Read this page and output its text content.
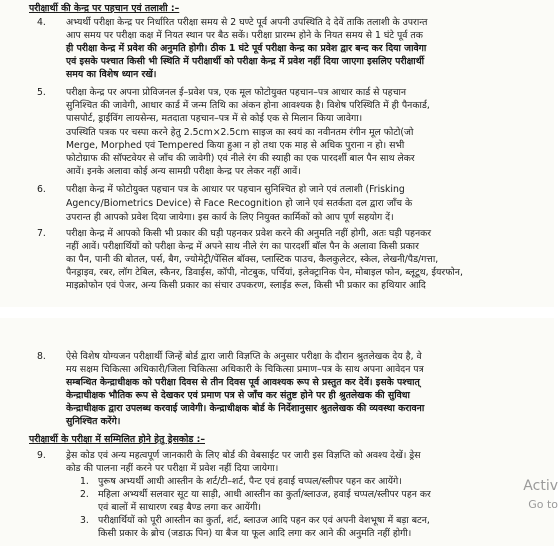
परीक्षार्थी की केन्द्र पर पहचान एवं तलाशी :–
4.	अभ्यर्थी परीक्षा केन्द्र पर निर्धारित परीक्षा समय से 2 घण्टे पूर्व अपनी उपस्थिति दे देवें ताकि तलाशी के उपरान्त
आप समय पर परीक्षा कक्ष में नियत स्थान पर बैठ सकें। परीक्षा प्रारम्भ होने के नियत समय से 1 घंटे पूर्व तक
ही परीक्षा केन्द्र में प्रवेश की अनुमति होगी। ठीक 1 घंटे पूर्व परीक्षा केन्द्र का प्रवेश द्वार बन्द कर दिया जावेगा
एवं इसके पश्चात किसी भी स्थिति में परीक्षार्थी को परीक्षा केन्द्र में प्रवेश नहीं दिया जाएगा इसलिए परीक्षार्थी
समय का विशेष ध्यान रखें।
5.	परीक्षा केन्द्र पर अपना प्रोविजनल ई–प्रवेश पत्र, एक मूल फोटोयुक्त पहचान–पत्र आधार कार्ड से पहचान
सुनिश्चित की जावेगी, आधार कार्ड में जन्म तिथि का अंकन होना आवश्यक है। विशेष परिस्थिति में ही पैनकार्ड,
पासपोर्ट, ड्राईविंग लायसेन्स, मतदाता पहचान–पत्र में से कोई एक से मिलान किया जावेगा।
उपस्थिति पत्रक पर चस्पा करने हेतु 2.5cm×2.5cm साइज का स्वयं का नवीनतम रंगीन मूल फोटो(जो
Merge, Morphed एवं Tempered किया हुआ न हो तथा एक माह से अधिक पुराना न हो। सभी
फोटोग्राफ की सॉफ्टवेयर से जाँच की जावेगी) एवं नीले रंग की स्याही का एक पारदर्शी बाल पैन साथ लेकर
आवें। इनके अलावा कोई अन्य सामग्री परीक्षा केन्द्र पर लेकर नहीं आवें।
6.	परीक्षा केन्द्र में फोटोयुक्त पहचान पत्र के आधार पर पहचान सुनिश्चित हो जाने एवं तलाशी (Frisking
Agency/Biometrics Device) से Face Recognition हो जाने एवं सतर्कता दल द्वारा जाँच के
उपरान्त ही आपको प्रवेश दिया जायेगा। इस कार्य के लिए नियुक्त कार्मिकों को आप पूर्ण सहयोग दें।
7.	परीक्षा केन्द्र में आपको किसी भी प्रकार की घड़ी पहनकर प्रवेश करने की अनुमति नहीं होगी, अतः घड़ी पहनकर
नहीं आवें। परीक्षार्थियों को परीक्षा केन्द्र में अपने साथ नीले रंग का पारदर्शी बॉल पैन के अलावा किसी प्रकार
का पैन, पानी की बोतल, पर्स, बैग, ज्योमेट्री/पेंसिल बॉक्स, प्लास्टिक पाउच, कैलकुलेटर, स्केल, लेखनी/पैड/गत्ता,
पैनड्राइव, रबर, लॉग टेबिल, स्कैनर, डिवाईस, कॉपी, नोटबुक, पर्चियां, इलेक्ट्रानिक पेन, मोबाइल फोन, ब्लूटूथ, ईयरफोन,
माइक्रोफोन एवं पेजर, अन्य किसी प्रकार का संचार उपकरण, स्लाईड रूल, किसी भी प्रकार का हथियार आदि
8.	ऐसे विशेष योग्यजन परीक्षार्थी जिन्हें बोर्ड द्वारा जारी विज्ञप्ति के अनुसार परीक्षा के दौरान श्रुतलेखक देय है, वे
मय सक्षम चिकित्सा अधिकारी/जिला चिकित्सा अधिकारी के चिकित्सा प्रमाण–पत्र के साथ अपना आवेदन पत्र
सम्बन्धित केन्द्राधीक्षक को परीक्षा दिवस से तीन दिवस पूर्व आवश्यक रूप से प्रस्तुत कर देवें। इसके पश्चात्
केन्द्राधीक्षक भौतिक रूप से देखकर एवं प्रमाण पत्र से जाँच कर संतुष्ट होने पर ही श्रुतलेखक की सुविधा
केन्द्राधीक्षक द्वारा उपलब्ध करवाई जावेगी। केन्द्राधीक्षक बोर्ड के निर्देशानुसार श्रुतलेखक की व्यवस्था करावना
सुनिश्चित करेंगे।
परीक्षार्थी के परीक्षा में सम्मिलित होने हेतु ड्रेसकोड :–
9.	ड्रेस कोड एवं अन्य महत्वपूर्ण जानकारी के लिए बोर्ड की वेबसाईट पर जारी इस विज्ञप्ति को अवश्य देखें। ड्रेस
कोड की पालना नहीं करने पर परीक्षा में प्रवेश नहीं दिया जायेगा।
1. पुरूष अभ्यर्थी आधी आस्तीन के शर्ट/टी–शर्ट, पैन्ट एवं हवाई चप्पल/स्लीपर पहन कर आयेंगे।
2. महिला अभ्यर्थी सलवार सूट या साड़ी, आधी आस्तीन का कुर्ता/ब्लाउज, हवाई चप्पल/स्लीपर पहन कर
एवं बालों में साधारण रबड़ बैण्ड लगा कर आयेंगी।
3. परीक्षार्थियों को पूरी आस्तीन का कुर्ता, शर्ट, ब्लाउज आदि पहन कर एवं अपनी वेशभूषा में बड़ा बटन,
किसी प्रकार के ब्रोच (जडाऊ पिन) या बैज या फूल आदि लगा कर आने की अनुमति नहीं होगी।
Activ
Go to
